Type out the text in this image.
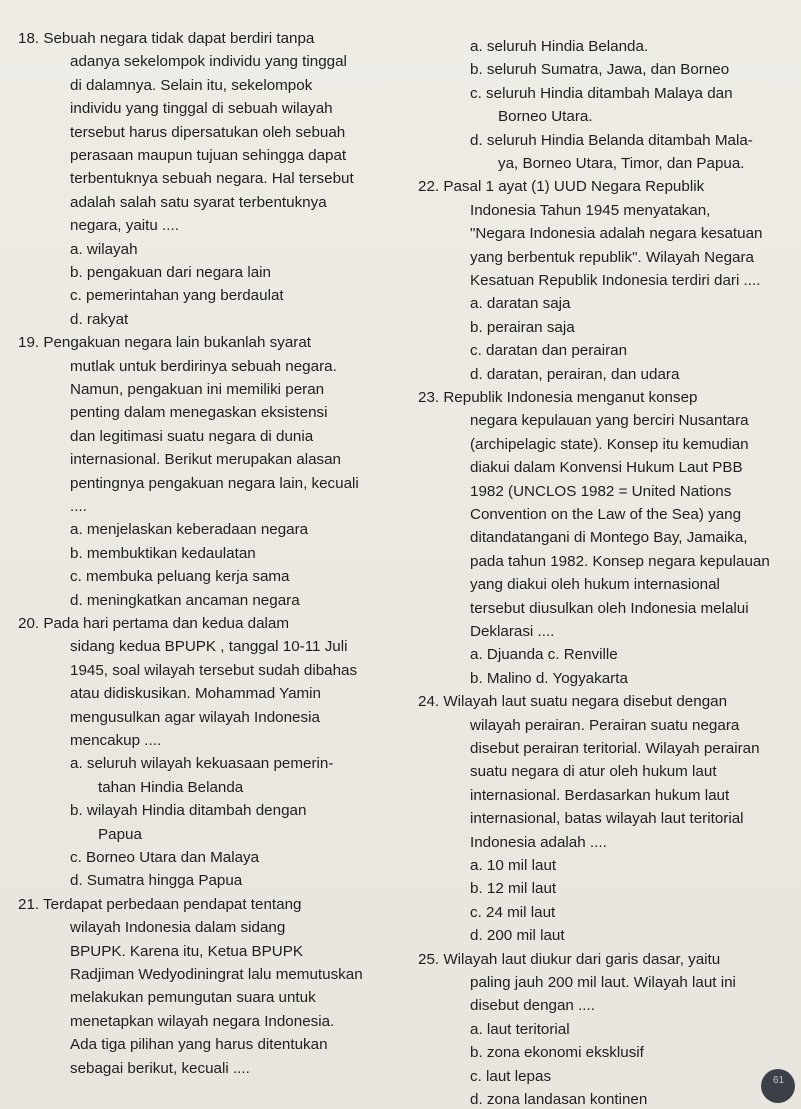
18. Sebuah negara tidak dapat berdiri tanpa
adanya sekelompok individu yang tinggal
di dalamnya. Selain itu, sekelompok
individu yang tinggal di sebuah wilayah
tersebut harus dipersatukan oleh sebuah
perasaan maupun tujuan sehingga dapat
terbentuknya sebuah negara. Hal tersebut
adalah salah satu syarat terbentuknya
negara, yaitu ....
a. wilayah
b. pengakuan dari negara lain
c. pemerintahan yang berdaulat
d. rakyat
19. Pengakuan negara lain bukanlah syarat
mutlak untuk berdirinya sebuah negara.
Namun, pengakuan ini memiliki peran
penting dalam menegaskan eksistensi
dan legitimasi suatu negara di dunia
internasional. Berikut merupakan alasan
pentingnya pengakuan negara lain, kecuali
....
a. menjelaskan keberadaan negara
b. membuktikan kedaulatan
c. membuka peluang kerja sama
d. meningkatkan ancaman negara
20. Pada hari pertama dan kedua dalam
sidang kedua BPUPK , tanggal 10-11 Juli
1945, soal wilayah tersebut sudah dibahas
atau didiskusikan. Mohammad Yamin
mengusulkan agar wilayah Indonesia
mencakup ....
a. seluruh wilayah kekuasaan pemerin-
tahan Hindia Belanda
b. wilayah Hindia ditambah dengan
Papua
c. Borneo Utara dan Malaya
d. Sumatra hingga Papua
21. Terdapat perbedaan pendapat tentang
wilayah Indonesia dalam sidang
BPUPK. Karena itu, Ketua BPUPK
Radjiman Wedyodiningrat lalu memutuskan
melakukan pemungutan suara untuk
menetapkan wilayah negara Indonesia.
Ada tiga pilihan yang harus ditentukan
sebagai berikut, kecuali ....
a. seluruh Hindia Belanda.
b. seluruh Sumatra, Jawa, dan Borneo
c. seluruh Hindia ditambah Malaya dan
Borneo Utara.
d. seluruh Hindia Belanda ditambah Mala-
ya, Borneo Utara, Timor, dan Papua.
22. Pasal 1 ayat (1) UUD Negara Republik
Indonesia Tahun 1945 menyatakan,
"Negara Indonesia adalah negara kesatuan
yang berbentuk republik". Wilayah Negara
Kesatuan Republik Indonesia terdiri dari ....
a. daratan saja
b. perairan saja
c. daratan dan perairan
d. daratan, perairan, dan udara
23. Republik Indonesia menganut konsep
negara kepulauan yang berciri Nusantara
(archipelagic state). Konsep itu kemudian
diakui dalam Konvensi Hukum Laut PBB
1982 (UNCLOS 1982 = United Nations
Convention on the Law of the Sea) yang
ditandatangani di Montego Bay, Jamaika,
pada tahun 1982. Konsep negara kepulauan
yang diakui oleh hukum internasional
tersebut diusulkan oleh Indonesia melalui
Deklarasi ....
a. Djuanda c. Renville
b. Malino d. Yogyakarta
24. Wilayah laut suatu negara disebut dengan
wilayah perairan. Perairan suatu negara
disebut perairan teritorial. Wilayah perairan
suatu negara di atur oleh hukum laut
internasional. Berdasarkan hukum laut
internasional, batas wilayah laut teritorial
Indonesia adalah ....
a. 10 mil laut
b. 12 mil laut
c. 24 mil laut
d. 200 mil laut
25. Wilayah laut diukur dari garis dasar, yaitu
paling jauh 200 mil laut. Wilayah laut ini
disebut dengan ....
a. laut teritorial
b. zona ekonomi eksklusif
c. laut lepas
d. zona landasan kontinen
61
